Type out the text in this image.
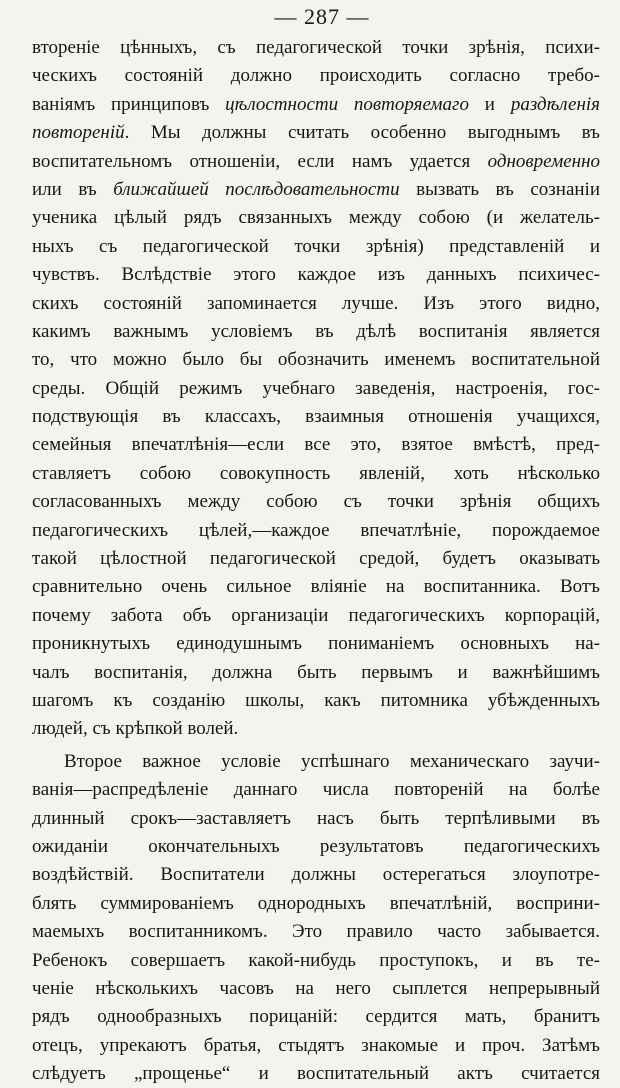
— 287 —
втореніе цѣнныхъ, съ педагогической точки зрѣнія, психи-
ческихъ состояній должно происходить согласно требо-
ваніямъ принциповъ цѣлостности повторяемаго и раздѣленія
повтореній. Мы должны считать особенно выгоднымъ въ
воспитательномъ отношеніи, если намъ удается одновременно
или въ ближайшей послѣдовательности вызвать въ сознаніи
ученика цѣлый рядъ связанныхъ между собою (и желатель-
ныхъ съ педагогической точки зрѣнія) представленій и
чувствъ. Вслѣдствіе этого каждое изъ данныхъ психичес-
скихъ состояній запоминается лучше. Изъ этого видно,
какимъ важнымъ условіемъ въ дѣлѣ воспитанія является
то, что можно было бы обозначить именемъ воспитательной
среды. Общій режимъ учебнаго заведенія, настроенія, гос-
подствующія въ классахъ, взаимныя отношенія учащихся,
семейныя впечатлѣнія—если все это, взятое вмѣстѣ, пред-
ставляетъ собою совокупность явленій, хоть нѣсколько
согласованныхъ между собою съ точки зрѣнія общихъ
педагогическихъ цѣлей,—каждое впечатлѣніе, порождаемое
такой цѣлостной педагогической средой, будетъ оказывать
сравнительно очень сильное вліяніе на воспитанника. Вотъ
почему забота объ организаціи педагогическихъ корпорацій,
проникнутыхъ единодушнымъ пониманіемъ основныхъ на-
чалъ воспитанія, должна быть первымъ и важнѣйшимъ
шагомъ къ созданію школы, какъ питомника убѣжденныхъ
людей, съ крѣпкой волей.
Второе важное условіе успѣшнаго механическаго заучи-
ванія—распредѣленіе даннаго числа повтореній на болѣе
длинный срокъ—заставляетъ насъ быть терпѣливыми въ
ожиданіи окончательныхъ результатовъ педагогическихъ
воздѣйствій. Воспитатели должны остерегаться злоупотре-
блять суммированіемъ однородныхъ впечатлѣній, восприни-
маемыхъ воспитанникомъ. Это правило часто забывается.
Ребенокъ совершаетъ какой-нибудь проступокъ, и въ те-
ченіе нѣсколькихъ часовъ на него сыплется непрерывный
рядъ однообразныхъ порицаній: сердится мать, бранитъ
отецъ, упрекаютъ братья, стыдятъ знакомые и проч. Затѣмъ
слѣдуетъ „прощенье“ и воспитательный актъ считается
